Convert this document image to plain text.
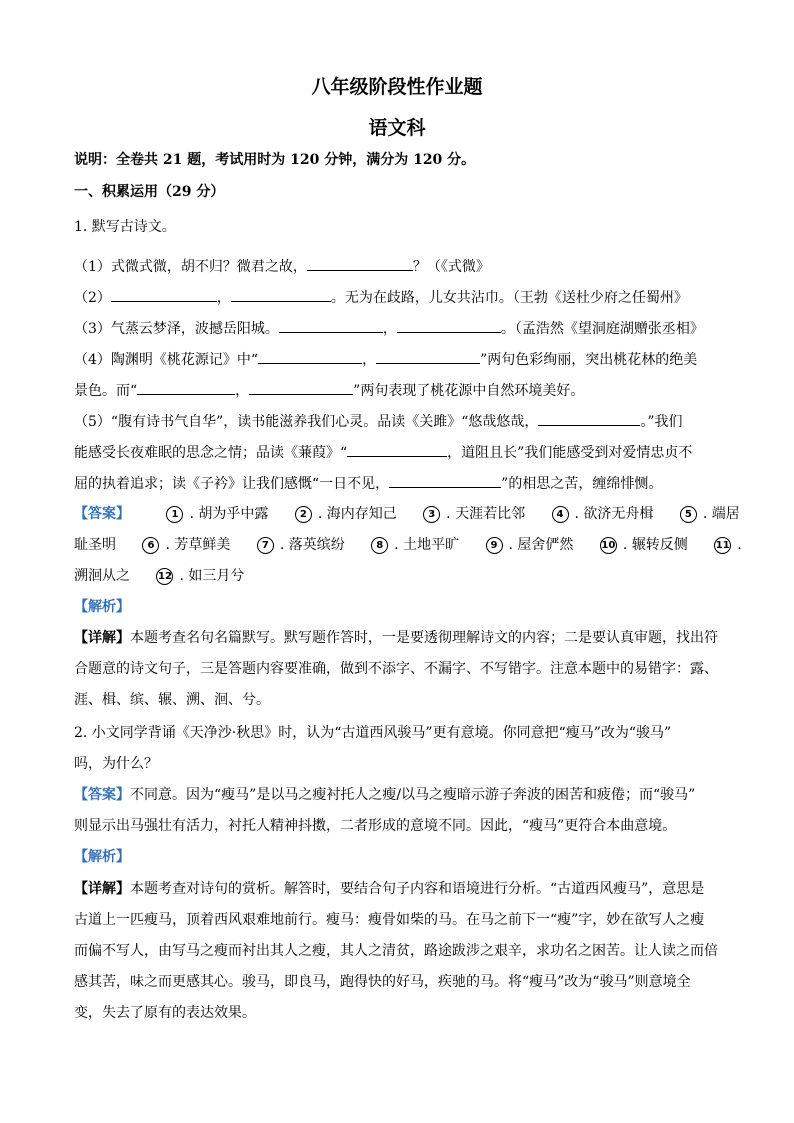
八年级阶段性作业题
语文科
说明：全卷共 21 题，考试用时为 120 分钟，满分为 120 分。
一、积累运用（29 分）
1. 默写古诗文。
（1）式微式微，胡不归？微君之故，	？（《式微》
（2）	，	。无为在歧路，儿女共沾巾。（王勃《送杜少府之任蜀州》
（3）气蒸云梦泽，波撼岳阳城。	，	。（孟浩然《望洞庭湖赠张丞相》
（4）陶渊明《桃花源记》中“	，	”两句色彩绚丽，突出桃花林的绝美
景色。而“	，	”两句表现了桃花源中自然环境美好。
（5）“腹有诗书气自华”，读书能滋养我们心灵。品读《关雎》“悠哉悠哉，	。”我们
能感受长夜难眠的思念之情；品读《蒹葭》“	，道阻且长”我们能感受到对爱情忠贞不
屈的执着追求；读《子衿》让我们感慨“一日不见，	”的相思之苦，缠绵悱恻。
【答案】	1 . 胡为乎中露	2 . 海内存知己	3 . 天涯若比邻	4 . 欲济无舟楫	5 . 端居
耻圣明	6 . 芳草鲜美	7 . 落英缤纷	8 . 土地平旷	9 . 屋舍俨然	10 . 辗转反侧	11 .
溯洄从之	12 . 如三月兮
【解析】
【详解】本题考查名句名篇默写。默写题作答时，一是要透彻理解诗文的内容；二是要认真审题，找出符
合题意的诗文句子，三是答题内容要准确，做到不添字、不漏字、不写错字。注意本题中的易错字：露、
涯、楫、缤、辗、溯、洄、兮。
2. 小文同学背诵《天净沙·秋思》时，认为“古道西风骏马”更有意境。你同意把“瘦马”改为“骏马”
吗，为什么？
【答案】不同意。因为“瘦马”是以马之瘦衬托人之瘦/以马之瘦暗示游子奔波的困苦和疲倦；而“骏马”
则显示出马强壮有活力，衬托人精神抖擞，二者形成的意境不同。因此，“瘦马”更符合本曲意境。
【解析】
【详解】本题考查对诗句的赏析。解答时，要结合句子内容和语境进行分析。“古道西风瘦马”，意思是
古道上一匹瘦马，顶着西风艰难地前行。瘦马：瘦骨如柴的马。在马之前下一“瘦”字，妙在欲写人之瘦
而偏不写人，由写马之瘦而衬出其人之瘦，其人之清贫，路途跋涉之艰辛，求功名之困苦。让人读之而倍
感其苦，味之而更感其心。骏马，即良马，跑得快的好马，疾驰的马。将“瘦马”改为“骏马”则意境全
变，失去了原有的表达效果。
